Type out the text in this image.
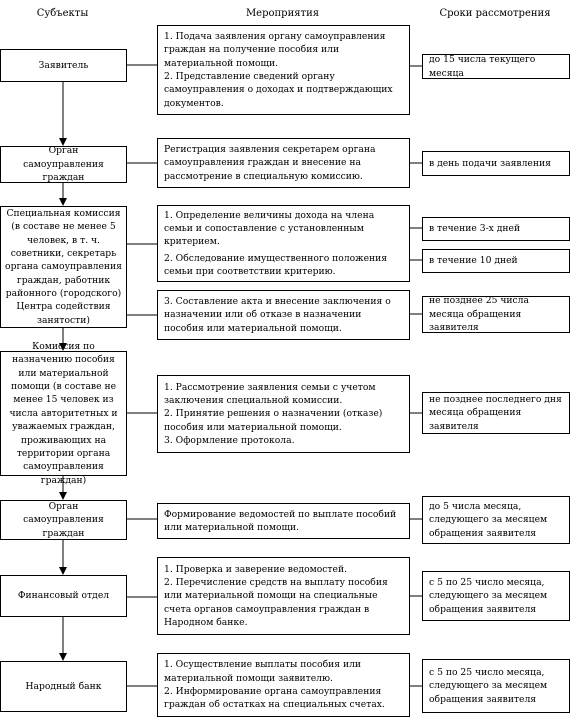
Субъекты	Мероприятия	Сроки рассмотрения
Заявитель
Орган самоуправления граждан
Специальная комиссия (в составе не менее 5 человек, в т. ч. советники, секретарь органа самоуправления граждан, работник районного (городского) Центра содействия занятости)
Комиссия по назначению пособия или материальной помощи (в составе не менее 15 человек из числа авторитетных и уважаемых граждан, проживающих на территории органа самоуправления граждан)
Орган самоуправления граждан
Финансовый отдел
Народный банк

1. Подача заявления органу самоуправления граждан на получение пособия или материальной помощи.

2. Представление сведений органу самоуправления о доходах и подтверждающих документов.

Регистрация заявления секретарем органа самоуправления граждан и внесение на рассмотрение в специальную комиссию.

1. Определение величины дохода на члена семьи и сопоставление с установленным критерием.

2. Обследование имущественного положения семьи при соответствии критерию.

3. Составление акта и внесение заключения о назначении или об отказе в назначении пособия или материальной помощи.

1. Рассмотрение заявления семьи с учетом заключения специальной комиссии.

2. Принятие решения о назначении (отказе) пособия или материальной помощи.

3. Оформление протокола.

Формирование ведомостей по выплате пособий или материальной помощи.

1. Проверка и заверение ведомостей.

2. Перечисление средств на выплату пособия или материальной помощи на специальные счета органов самоуправления граждан в Народном банке.

1. Осуществление выплаты пособия или материальной помощи заявителю.

2. Информирование органа самоуправления граждан об остатках на специальных счетах.

до 15 числа текущего месяца
в день подачи заявления
в течение 3-х дней
в течение 10 дней
не позднее 25 числа месяца обращения заявителя
не позднее последнего дня месяца обращения заявителя
до 5 числа месяца, следующего за месяцем обращения заявителя
с 5 по 25 число месяца, следующего за месяцем обращения заявителя
с 5 по 25 число месяца, следующего за месяцем обращения заявителя
